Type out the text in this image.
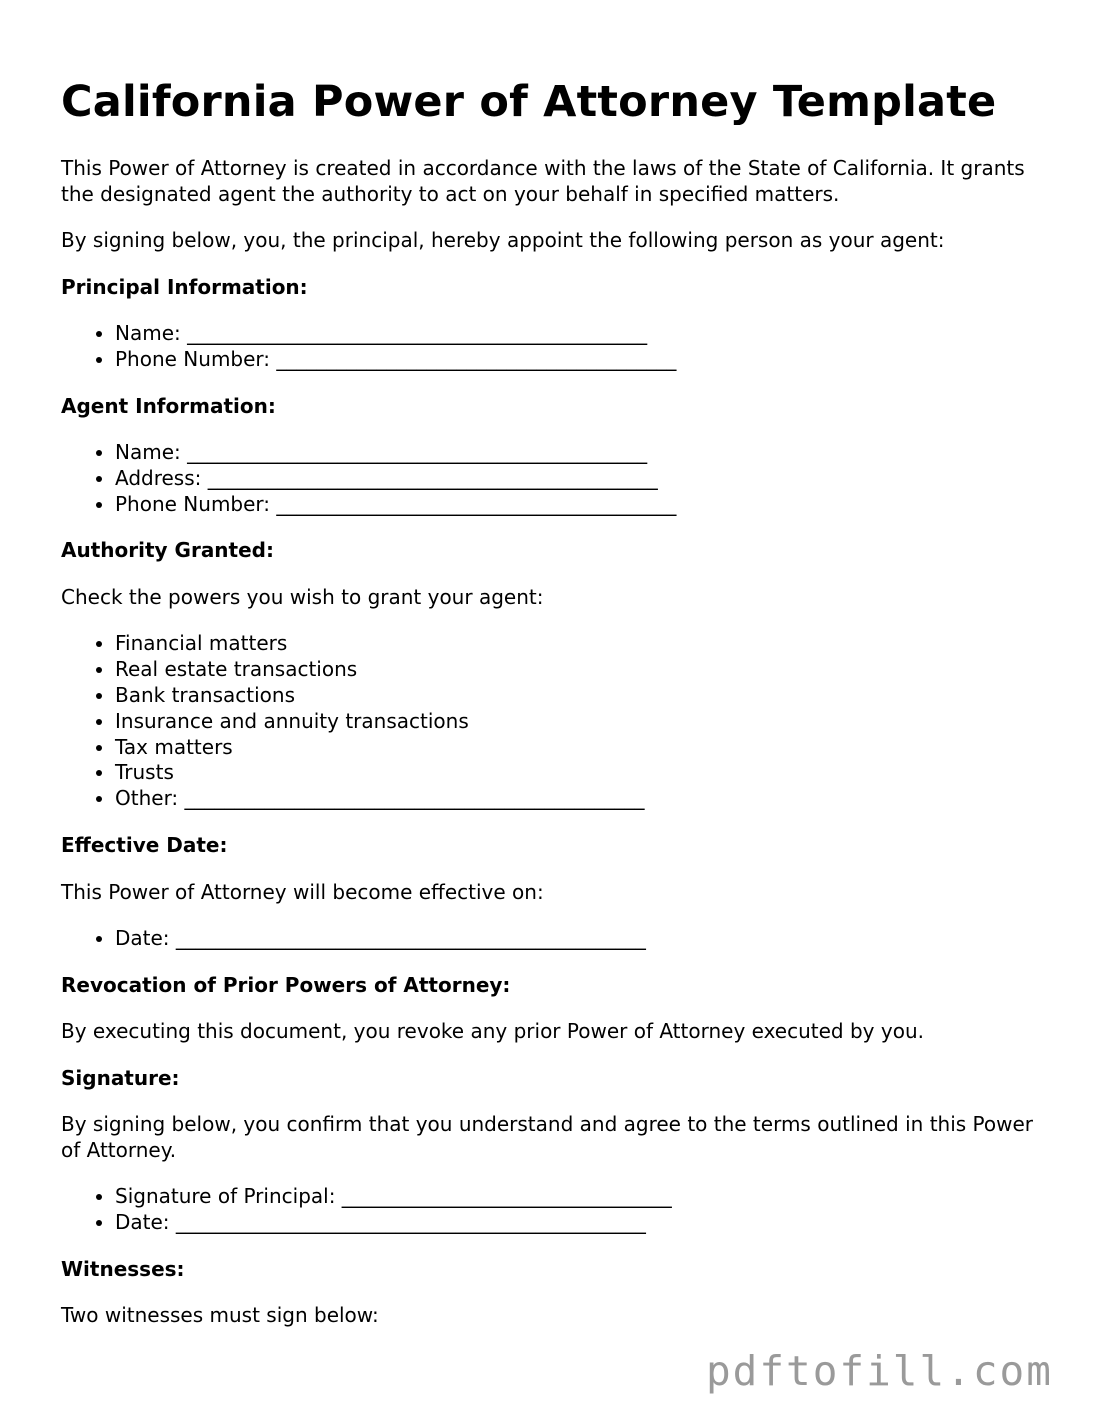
California Power of Attorney Template

This Power of Attorney is created in accordance with the laws of the State of California. It grants the designated agent the authority to act on your behalf in specified matters.

By signing below, you, the principal, hereby appoint the following person as your agent:

Principal Information:
• Name: ______________________________________________
• Phone Number: ________________________________________
Agent Information:
• Name: ______________________________________________
• Address: _____________________________________________
• Phone Number: ________________________________________
Authority Granted:

Check the powers you wish to grant your agent:

• Financial matters
• Real estate transactions
• Bank transactions
• Insurance and annuity transactions
• Tax matters
• Trusts
• Other: ______________________________________________
Effective Date:

This Power of Attorney will become effective on:

• Date: _______________________________________________
Revocation of Prior Powers of Attorney:

By executing this document, you revoke any prior Power of Attorney executed by you.

Signature:

By signing below, you confirm that you understand and agree to the terms outlined in this Power of Attorney.

• Signature of Principal: _________________________________
• Date: _______________________________________________
Witnesses:

Two witnesses must sign below:

pdftofill.com
